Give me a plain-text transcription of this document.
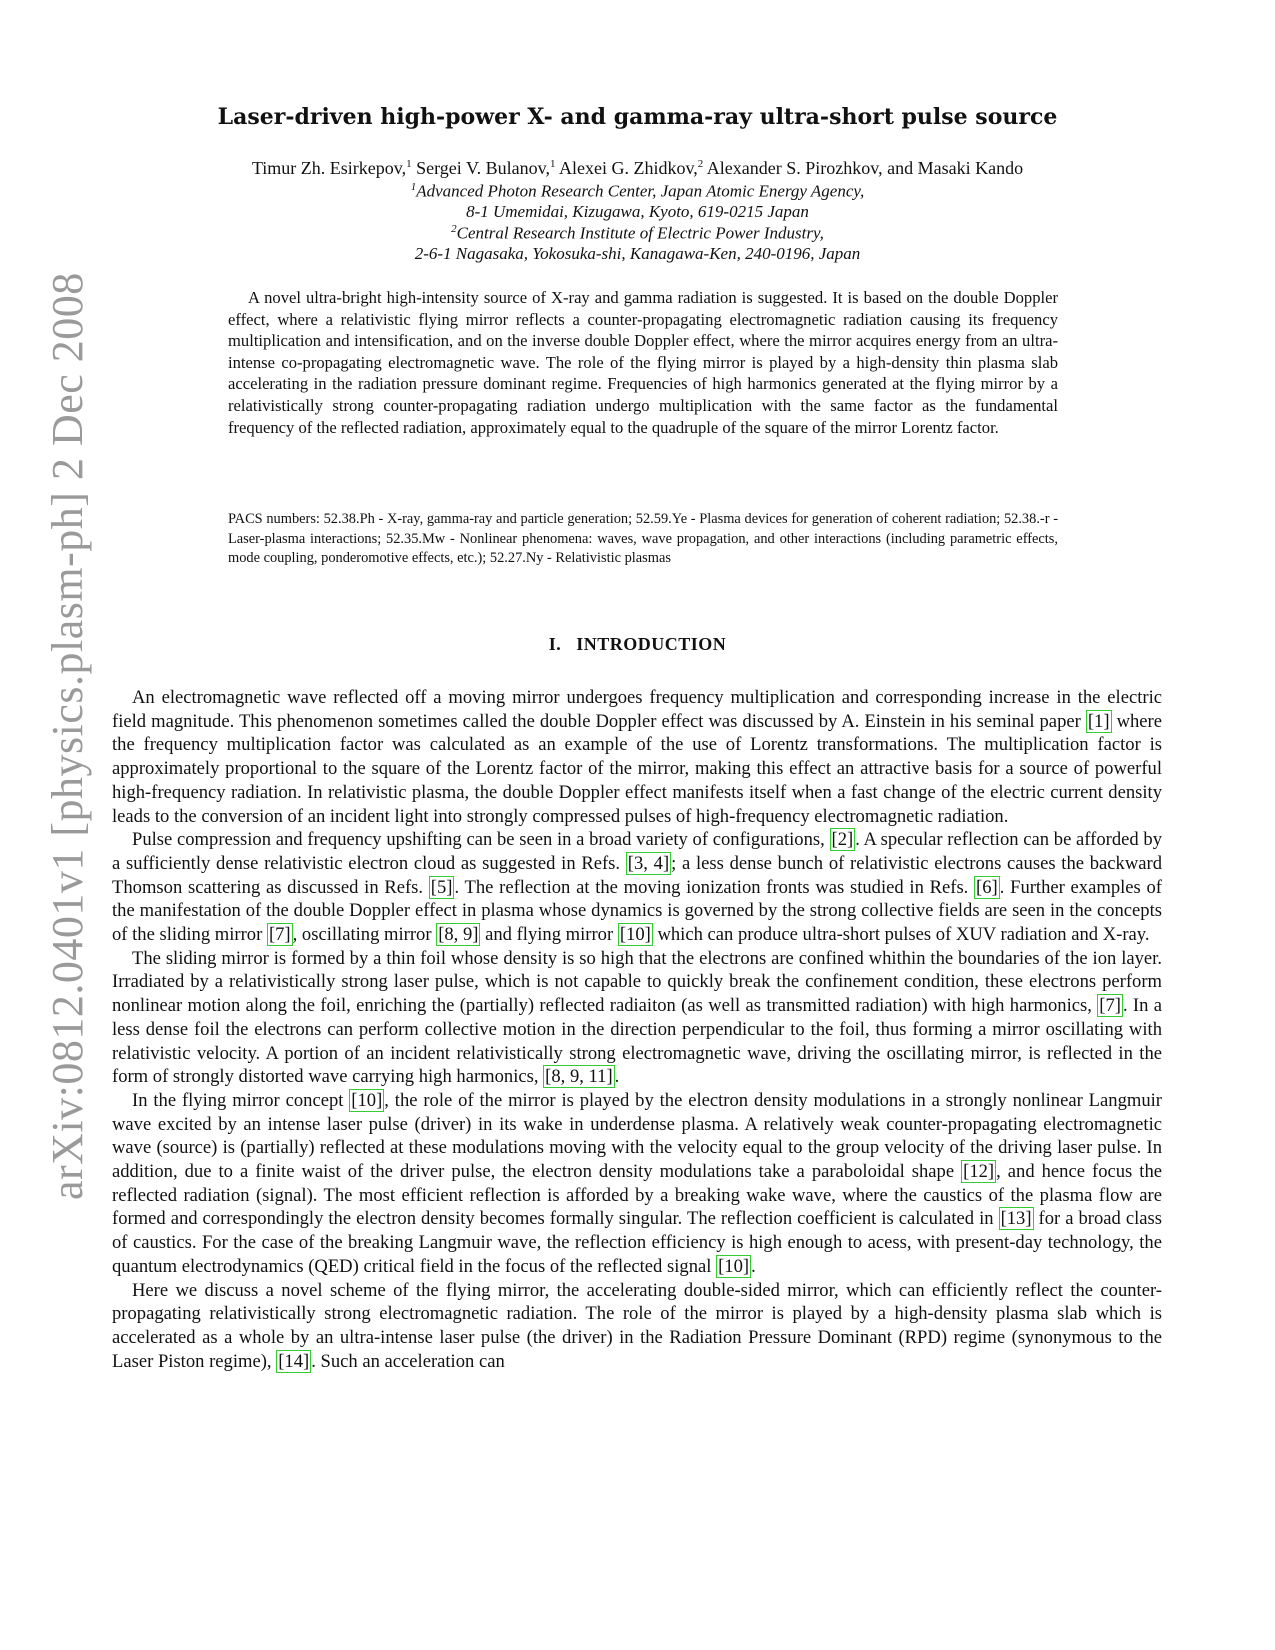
arXiv:0812.0401v1 [physics.plasm-ph] 2 Dec 2008
Laser-driven high-power X- and gamma-ray ultra-short pulse source
Timur Zh. Esirkepov,$^1$ Sergei V. Bulanov,$^1$ Alexei G. Zhidkov,$^2$ Alexander S. Pirozhkov, and Masaki Kando
$^1$Advanced Photon Research Center, Japan Atomic Energy Agency,
8-1 Umemidai, Kizugawa, Kyoto, 619-0215 Japan
$^2$Central Research Institute of Electric Power Industry,
2-6-1 Nagasaka, Yokosuka-shi, Kanagawa-Ken, 240-0196, Japan

A novel ultra-bright high-intensity source of X-ray and gamma radiation is suggested. It is based on the double Doppler effect, where a relativistic flying mirror reflects a counter-propagating electromagnetic radiation causing its frequency multiplication and intensification, and on the inverse double Doppler effect, where the mirror acquires energy from an ultra-intense co-propagating electromagnetic wave. The role of the flying mirror is played by a high-density thin plasma slab accelerating in the radiation pressure dominant regime. Frequencies of high harmonics generated at the flying mirror by a relativistically strong counter-propagating radiation undergo multiplication with the same factor as the fundamental frequency of the reflected radiation, approximately equal to the quadruple of the square of the mirror Lorentz factor.

PACS numbers: 52.38.Ph - X-ray, gamma-ray and particle generation; 52.59.Ye - Plasma devices for generation of coherent radiation; 52.38.-r - Laser-plasma interactions; 52.35.Mw - Nonlinear phenomena: waves, wave propagation, and other interactions (including parametric effects, mode coupling, ponderomotive effects, etc.); 52.27.Ny - Relativistic plasmas

I. INTRODUCTION

An electromagnetic wave reflected off a moving mirror undergoes frequency multiplication and corresponding increase in the electric field magnitude. This phenomenon sometimes called the double Doppler effect was discussed by A. Einstein in his seminal paper [1] where the frequency multiplication factor was calculated as an example of the use of Lorentz transformations. The multiplication factor is approximately proportional to the square of the Lorentz factor of the mirror, making this effect an attractive basis for a source of powerful high-frequency radiation. In relativistic plasma, the double Doppler effect manifests itself when a fast change of the electric current density leads to the conversion of an incident light into strongly compressed pulses of high-frequency electromagnetic radiation.

Pulse compression and frequency upshifting can be seen in a broad variety of configurations, [2] . A specular reflection can be afforded by a sufficiently dense relativistic electron cloud as suggested in Refs. [3, 4] ; a less dense bunch of relativistic electrons causes the backward Thomson scattering as discussed in Refs. [5] . The reflection at the moving ionization fronts was studied in Refs. [6] . Further examples of the manifestation of the double Doppler effect in plasma whose dynamics is governed by the strong collective fields are seen in the concepts of the sliding mirror [7] , oscillating mirror [8, 9] and flying mirror [10] which can produce ultra-short pulses of XUV radiation and X-ray.

The sliding mirror is formed by a thin foil whose density is so high that the electrons are confined whithin the boundaries of the ion layer. Irradiated by a relativistically strong laser pulse, which is not capable to quickly break the confinement condition, these electrons perform nonlinear motion along the foil, enriching the (partially) reflected radiaiton (as well as transmitted radiation) with high harmonics, [7] . In a less dense foil the electrons can perform collective motion in the direction perpendicular to the foil, thus forming a mirror oscillating with relativistic velocity. A portion of an incident relativistically strong electromagnetic wave, driving the oscillating mirror, is reflected in the form of strongly distorted wave carrying high harmonics, [8, 9, 11] .

In the flying mirror concept [10] , the role of the mirror is played by the electron density modulations in a strongly nonlinear Langmuir wave excited by an intense laser pulse (driver) in its wake in underdense plasma. A relatively weak counter-propagating electromagnetic wave (source) is (partially) reflected at these modulations moving with the velocity equal to the group velocity of the driving laser pulse. In addition, due to a finite waist of the driver pulse, the electron density modulations take a paraboloidal shape [12] , and hence focus the reflected radiation (signal). The most efficient reflection is afforded by a breaking wake wave, where the caustics of the plasma flow are formed and correspondingly the electron density becomes formally singular. The reflection coefficient is calculated in [13] for a broad class of caustics. For the case of the breaking Langmuir wave, the reflection efficiency is high enough to acess, with present-day technology, the quantum electrodynamics (QED) critical field in the focus of the reflected signal [10] .

Here we discuss a novel scheme of the flying mirror, the accelerating double-sided mirror, which can efficiently reflect the counter-propagating relativistically strong electromagnetic radiation. The role of the mirror is played by a high-density plasma slab which is accelerated as a whole by an ultra-intense laser pulse (the driver) in the Radiation Pressure Dominant (RPD) regime (synonymous to the Laser Piston regime), [14] . Such an acceleration can
